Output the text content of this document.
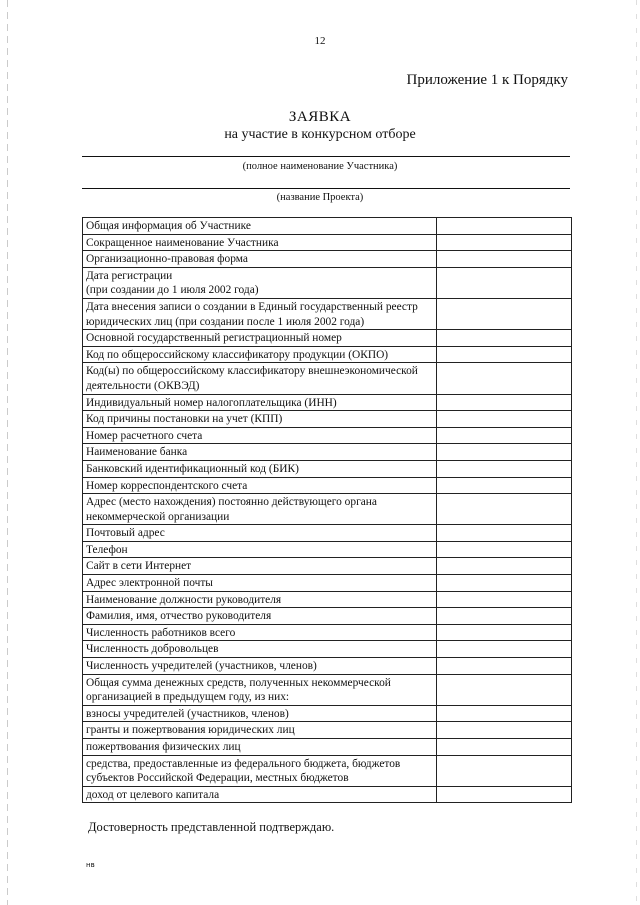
12
Приложение 1 к Порядку
ЗАЯВКА
на участие в конкурсном отборе
(полное наименование Участника)
(название Проекта)
Общая информация об Участнике	
Сокращенное наименование Участника	
Организационно-правовая форма	
Дата регистрации
(при создании до 1 июля 2002 года)	
Дата внесения записи о создании в Единый государственный реестр юридических лиц (при создании после 1 июля 2002 года)	
Основной государственный регистрационный номер	
Код по общероссийскому классификатору продукции (ОКПО)	
Код(ы) по общероссийскому классификатору внешнеэкономической деятельности (ОКВЭД)	
Индивидуальный номер налогоплательщика (ИНН)	
Код причины постановки на учет (КПП)	
Номер расчетного счета	
Наименование банка	
Банковский идентификационный код (БИК)	
Номер корреспондентского счета	
Адрес (место нахождения) постоянно действующего органа некоммерческой организации	
Почтовый адрес	
Телефон	
Сайт в сети Интернет	
Адрес электронной почты	
Наименование должности руководителя	
Фамилия, имя, отчество руководителя	
Численность работников всего	
Численность добровольцев	
Численность учредителей (участников, членов)	
Общая сумма денежных средств, полученных некоммерческой организацией в предыдущем году, из них:	
взносы учредителей (участников, членов)	
гранты и пожертвования юридических лиц	
пожертвования физических лиц	
средства, предоставленные из федерального бюджета, бюджетов субъектов Российской Федерации, местных бюджетов	
доход от целевого капитала	
Достоверность представленной подтверждаю.
нв
